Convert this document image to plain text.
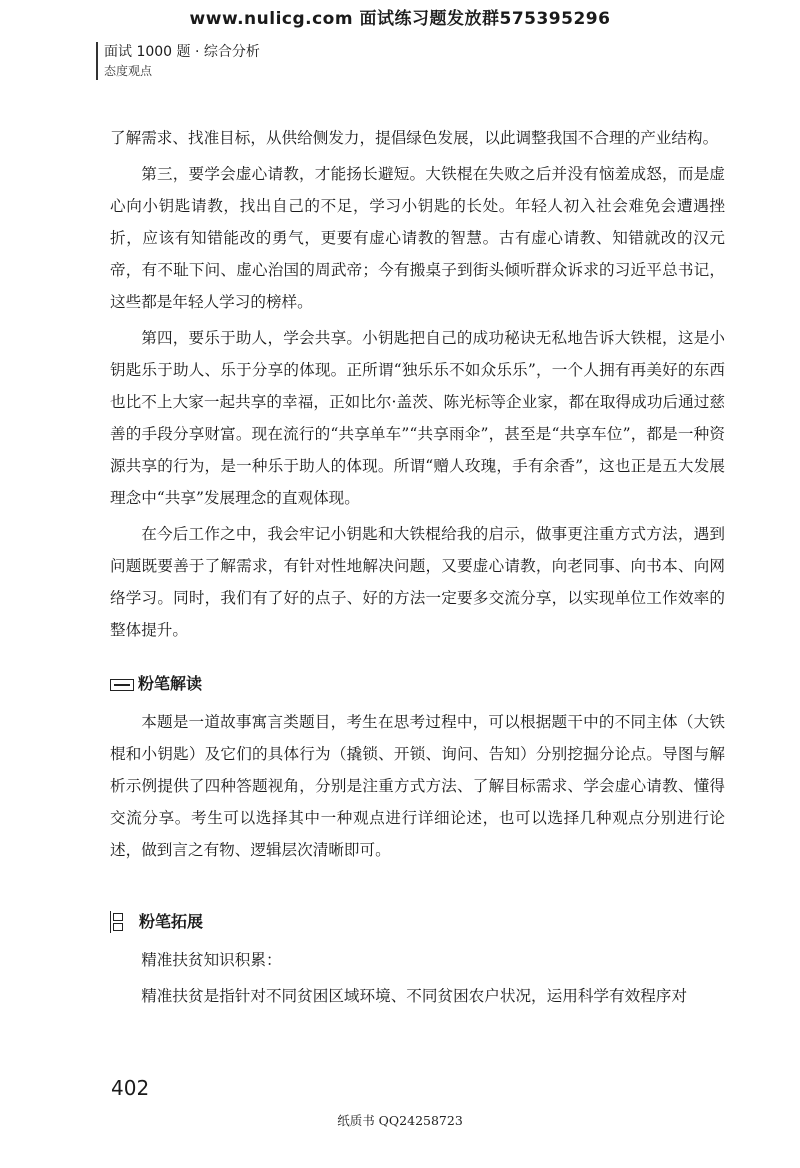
www.nulicg.com 面试练习题发放群575395296
面试 1000 题 · 综合分析
态度观点

了解需求、找准目标，从供给侧发力，提倡绿色发展，以此调整我国不合理的产业结构。

第三，要学会虚心请教，才能扬长避短。大铁棍在失败之后并没有恼羞成怒，而是虚心向小钥匙请教，找出自己的不足，学习小钥匙的长处。年轻人初入社会难免会遭遇挫折，应该有知错能改的勇气，更要有虚心请教的智慧。古有虚心请教、知错就改的汉元帝，有不耻下问、虚心治国的周武帝；今有搬桌子到街头倾听群众诉求的习近平总书记，这些都是年轻人学习的榜样。

第四，要乐于助人，学会共享。小钥匙把自己的成功秘诀无私地告诉大铁棍，这是小钥匙乐于助人、乐于分享的体现。正所谓“独乐乐不如众乐乐”，一个人拥有再美好的东西也比不上大家一起共享的幸福，正如比尔·盖茨、陈光标等企业家，都在取得成功后通过慈善的手段分享财富。现在流行的“共享单车”“共享雨伞”，甚至是“共享车位”，都是一种资源共享的行为，是一种乐于助人的体现。所谓“赠人玫瑰，手有余香”，这也正是五大发展理念中“共享”发展理念的直观体现。

在今后工作之中，我会牢记小钥匙和大铁棍给我的启示，做事更注重方式方法，遇到问题既要善于了解需求，有针对性地解决问题，又要虚心请教，向老同事、向书本、向网络学习。同时，我们有了好的点子、好的方法一定要多交流分享，以实现单位工作效率的整体提升。

粉笔解读

本题是一道故事寓言类题目，考生在思考过程中，可以根据题干中的不同主体（大铁棍和小钥匙）及它们的具体行为（撬锁、开锁、询问、告知）分别挖掘分论点。导图与解析示例提供了四种答题视角，分别是注重方式方法、了解目标需求、学会虚心请教、懂得交流分享。考生可以选择其中一种观点进行详细论述，也可以选择几种观点分别进行论述，做到言之有物、逻辑层次清晰即可。

粉笔拓展

精准扶贫知识积累：

精准扶贫是指针对不同贫困区域环境、不同贫困农户状况，运用科学有效程序对

402
纸质书 QQ24258723
